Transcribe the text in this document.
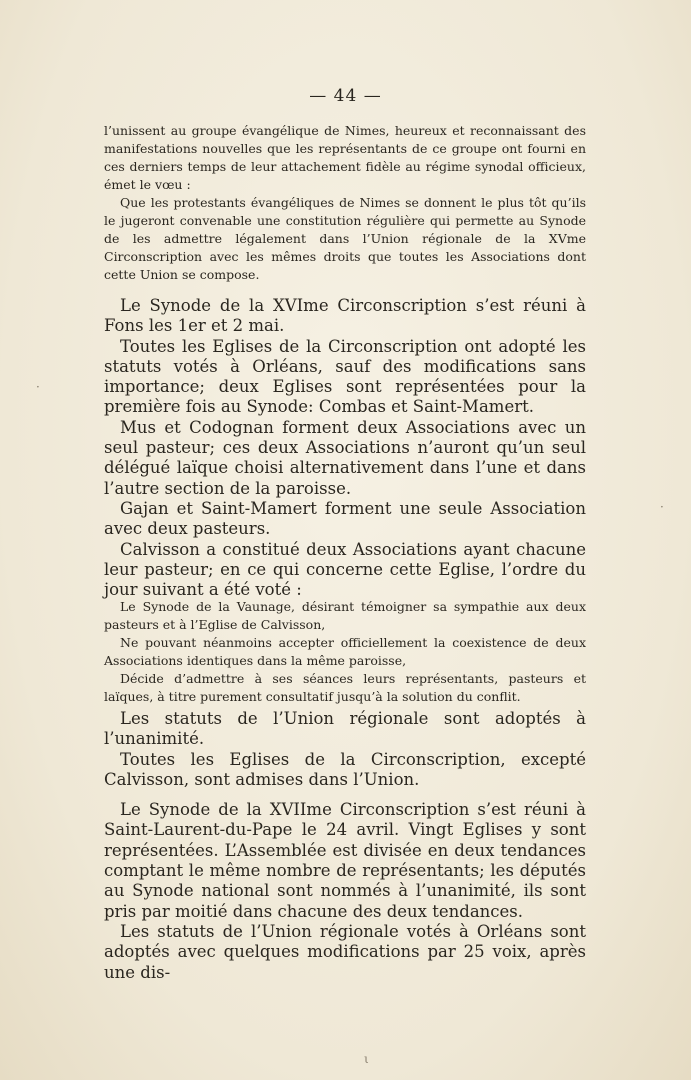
— 44 —

l’unissent au groupe évangélique de Nimes, heureux et reconnaissant des manifestations nouvelles que les représentants de ce groupe ont fourni en ces derniers temps de leur attachement fidèle au régime synodal officieux, émet le vœu :

Que les protestants évangéliques de Nimes se donnent le plus tôt qu’ils le jugeront convenable une constitution régulière qui permette au Synode de les admettre légalement dans l’Union régionale de la XVme Circonscription avec les mêmes droits que toutes les Associations dont cette Union se compose.

Le Synode de la XVIme Circonscription s’est réuni à Fons les 1er et 2 mai.

Toutes les Eglises de la Circonscription ont adopté les statuts votés à Orléans, sauf des modifications sans importance; deux Eglises sont représentées pour la première fois au Synode: Combas et Saint-Mamert.

Mus et Codognan forment deux Associations avec un seul pasteur; ces deux Associations n’auront qu’un seul délégué laïque choisi alternativement dans l’une et dans l’autre section de la paroisse.

Gajan et Saint-Mamert forment une seule Association avec deux pasteurs.

Calvisson a constitué deux Associations ayant chacune leur pasteur; en ce qui concerne cette Eglise, l’ordre du jour suivant a été voté :

Le Synode de la Vaunage, désirant témoigner sa sympathie aux deux pasteurs et à l’Eglise de Calvisson,

Ne pouvant néanmoins accepter officiellement la coexistence de deux Associations identiques dans la même paroisse,

Décide d’admettre à ses séances leurs représentants, pasteurs et laïques, à titre purement consultatif jusqu’à la solution du conflit.

Les statuts de l’Union régionale sont adoptés à l’unanimité.

Toutes les Eglises de la Circonscription, excepté Calvisson, sont admises dans l’Union.

Le Synode de la XVIIme Circonscription s’est réuni à Saint-Laurent-du-Pape le 24 avril. Vingt Eglises y sont représentées. L’Assemblée est divisée en deux tendances comptant le même nombre de représentants; les députés au Synode national sont nommés à l’unanimité, ils sont pris par moitié dans chacune des deux tendances.

Les statuts de l’Union régionale votés à Orléans sont adoptés avec quelques modifications par 25 voix, après une dis-

·
·
ι
